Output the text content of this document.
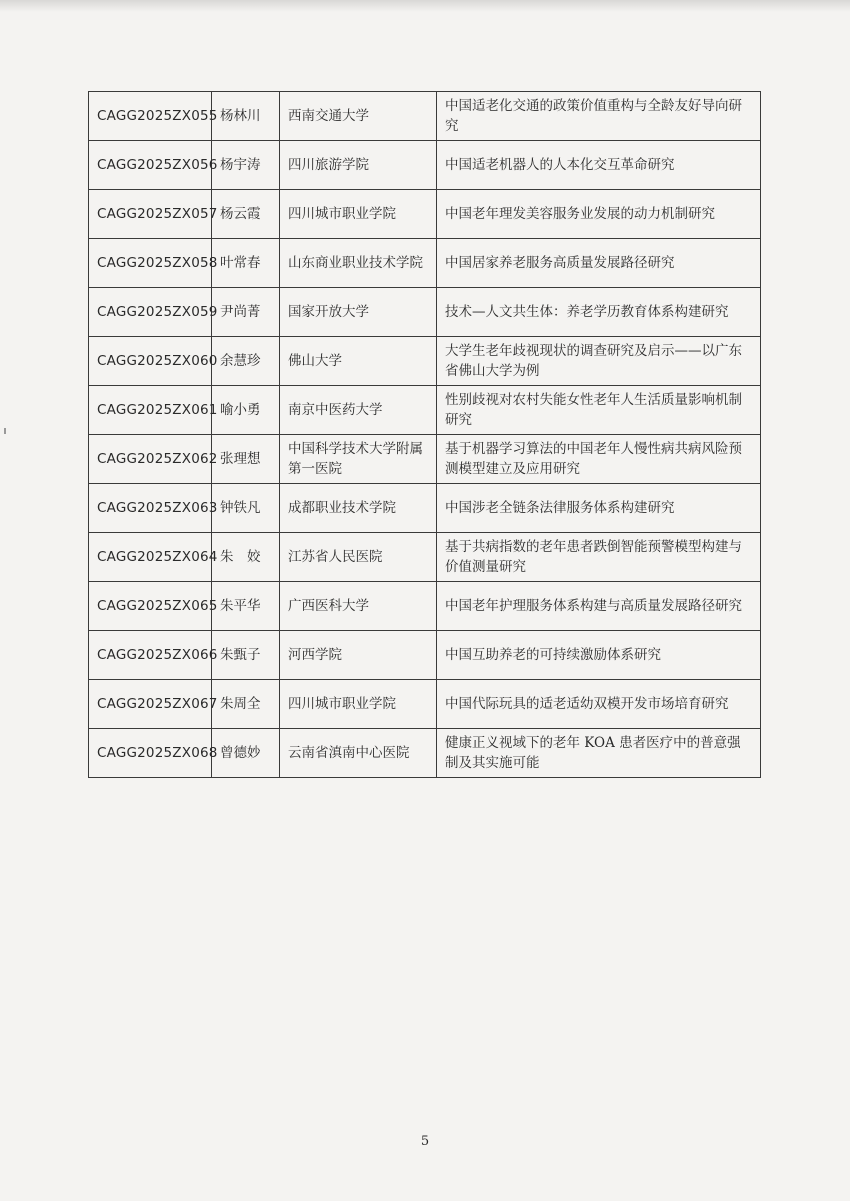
CAGG2025ZX055	杨林川	西南交通大学	中国适老化交通的政策价值重构与全龄友好导向研究
CAGG2025ZX056	杨宇涛	四川旅游学院	中国适老机器人的人本化交互革命研究
CAGG2025ZX057	杨云霞	四川城市职业学院	中国老年理发美容服务业发展的动力机制研究
CAGG2025ZX058	叶常春	山东商业职业技术学院	中国居家养老服务高质量发展路径研究
CAGG2025ZX059	尹尚菁	国家开放大学	技术—人文共生体：养老学历教育体系构建研究
CAGG2025ZX060	余慧珍	佛山大学	大学生老年歧视现状的调查研究及启示——以广东省佛山大学为例
CAGG2025ZX061	喻小勇	南京中医药大学	性别歧视对农村失能女性老年人生活质量影响机制研究
CAGG2025ZX062	张理想	中国科学技术大学附属第一医院	基于机器学习算法的中国老年人慢性病共病风险预测模型建立及应用研究
CAGG2025ZX063	钟铁凡	成都职业技术学院	中国涉老全链条法律服务体系构建研究
CAGG2025ZX064	朱　姣	江苏省人民医院	基于共病指数的老年患者跌倒智能预警模型构建与价值测量研究
CAGG2025ZX065	朱平华	广西医科大学	中国老年护理服务体系构建与高质量发展路径研究
CAGG2025ZX066	朱甄子	河西学院	中国互助养老的可持续激励体系研究
CAGG2025ZX067	朱周全	四川城市职业学院	中国代际玩具的适老适幼双模开发市场培育研究
CAGG2025ZX068	曾德妙	云南省滇南中心医院	健康正义视域下的老年 KOA 患者医疗中的普意强制及其实施可能
5
